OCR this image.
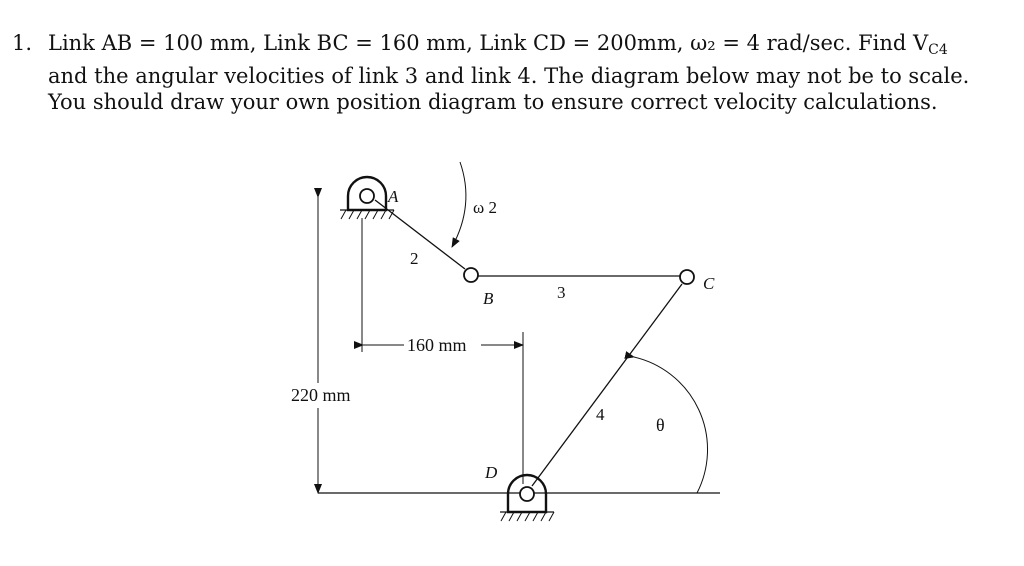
1. Link AB = 100 mm, Link BC = 160 mm, Link CD = 200mm, ω₂ = 4 rad/sec. Find $V_{C4}$ and the angular velocities of link 3 and link 4. The diagram below may not be to scale. You should draw your own position diagram to ensure correct velocity calculations.
A
B
C
D
2
3
4
ω 2
θ
160 mm
220 mm
